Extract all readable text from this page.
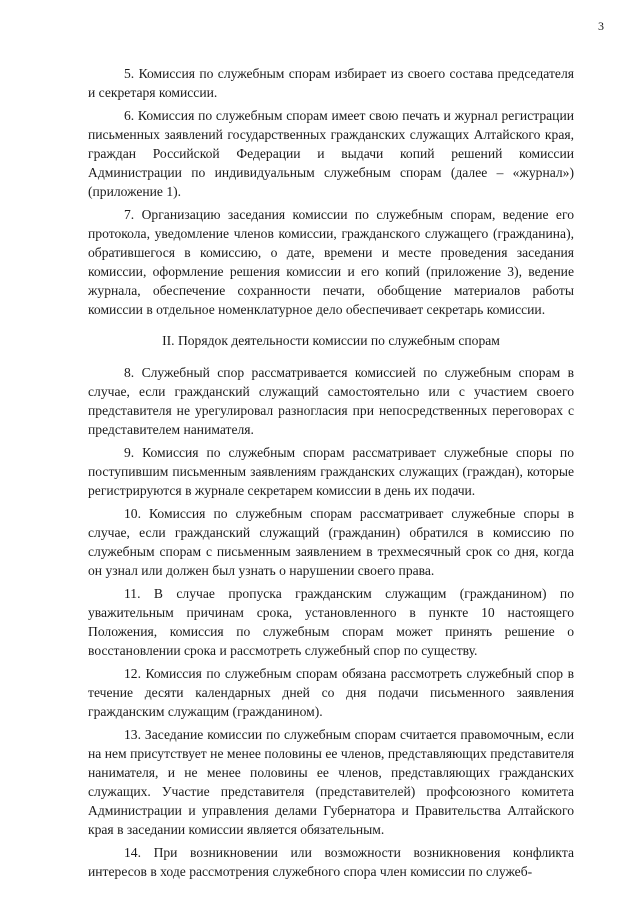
3

5. Комиссия по служебным спорам избирает из своего состава председателя и секретаря комиссии.

6. Комиссия по служебным спорам имеет свою печать и журнал регистрации письменных заявлений государственных гражданских служащих Алтайского края, граждан Российской Федерации и выдачи копий решений комиссии Администрации по индивидуальным служебным спорам (далее – «журнал») (приложение 1).

7. Организацию заседания комиссии по служебным спорам, ведение его протокола, уведомление членов комиссии, гражданского служащего (гражданина), обратившегося в комиссию, о дате, времени и месте проведения заседания комиссии, оформление решения комиссии и его копий (приложение 3), ведение журнала, обеспечение сохранности печати, обобщение материалов работы комиссии в отдельное номенклатурное дело обеспечивает секретарь комиссии.

II. Порядок деятельности комиссии по служебным спорам

8. Служебный спор рассматривается комиссией по служебным спорам в случае, если гражданский служащий самостоятельно или с участием своего представителя не урегулировал разногласия при непосредственных переговорах с представителем нанимателя.

9. Комиссия по служебным спорам рассматривает служебные споры по поступившим письменным заявлениям гражданских служащих (граждан), которые регистрируются в журнале секретарем комиссии в день их подачи.

10. Комиссия по служебным спорам рассматривает служебные споры в случае, если гражданский служащий (гражданин) обратился в комиссию по служебным спорам с письменным заявлением в трехмесячный срок со дня, когда он узнал или должен был узнать о нарушении своего права.

11. В случае пропуска гражданским служащим (гражданином) по уважительным причинам срока, установленного в пункте 10 настоящего Положения, комиссия по служебным спорам может принять решение о восстановлении срока и рассмотреть служебный спор по существу.

12. Комиссия по служебным спорам обязана рассмотреть служебный спор в течение десяти календарных дней со дня подачи письменного заявления гражданским служащим (гражданином).

13. Заседание комиссии по служебным спорам считается правомочным, если на нем присутствует не менее половины ее членов, представляющих представителя нанимателя, и не менее половины ее членов, представляющих гражданских служащих. Участие представителя (представителей) профсоюзного комитета Администрации и управления делами Губернатора и Правительства Алтайского края в заседании комиссии является обязательным.

14. При возникновении или возможности возникновения конфликта интересов в ходе рассмотрения служебного спора член комиссии по служеб-
